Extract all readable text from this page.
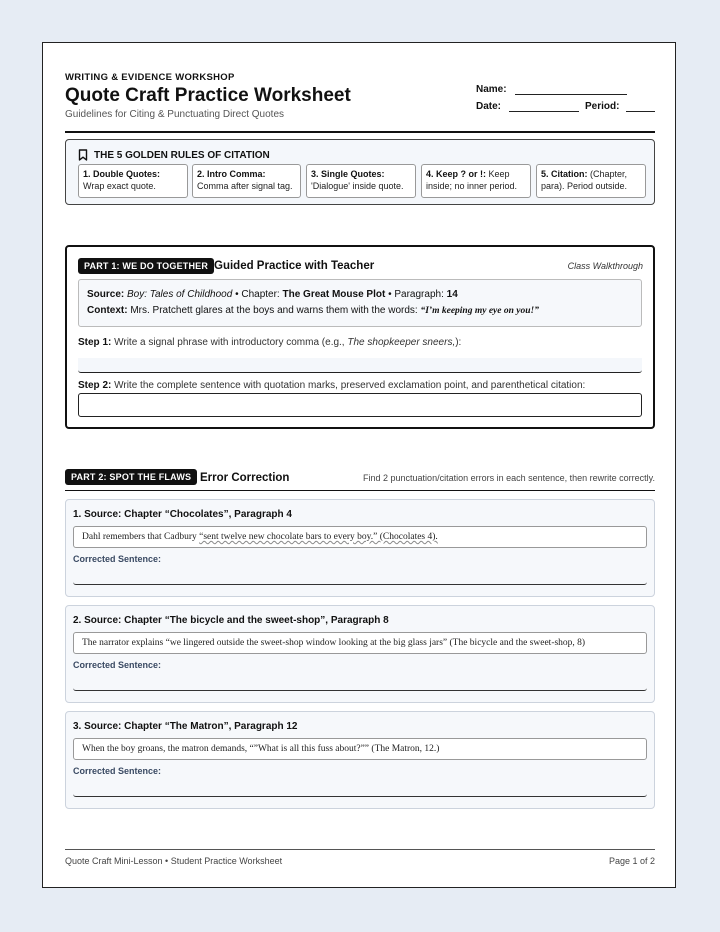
WRITING & EVIDENCE WORKSHOP
Quote Craft Practice Worksheet
Guidelines for Citing & Punctuating Direct Quotes
Name:
Date:	Period:
THE 5 GOLDEN RULES OF CITATION
1. Double Quotes: Wrap exact quote.
2. Intro Comma: Comma after signal tag.
3. Single Quotes: 'Dialogue' inside quote.
4. Keep ? or !: Keep inside; no inner period.
5. Citation: (Chapter, para). Period outside.
PART 1: WE DO TOGETHER Guided Practice with Teacher	Class Walkthrough
Source: Boy: Tales of Childhood • Chapter: The Great Mouse Plot • Paragraph: 14
Context: Mrs. Pratchett glares at the boys and warns them with the words: “I’m keeping my eye on you!”
Step 1: Write a signal phrase with introductory comma (e.g., The shopkeeper sneers,):
Step 2: Write the complete sentence with quotation marks, preserved exclamation point, and parenthetical citation:
PART 2: SPOT THE FLAWS Error Correction	Find 2 punctuation/citation errors in each sentence, then rewrite correctly.
1. Source: Chapter “Chocolates”, Paragraph 4
Dahl remembers that Cadbury “sent twelve new chocolate bars to every boy.” (Chocolates 4).
Corrected Sentence:
2. Source: Chapter “The bicycle and the sweet-shop”, Paragraph 8
The narrator explains “we lingered outside the sweet-shop window looking at the big glass jars” (The bicycle and the sweet-shop, 8)
Corrected Sentence:
3. Source: Chapter “The Matron”, Paragraph 12
When the boy groans, the matron demands, “”What is all this fuss about?”” (The Matron, 12.)
Corrected Sentence:
Quote Craft Mini-Lesson • Student Practice Worksheet	Page 1 of 2
